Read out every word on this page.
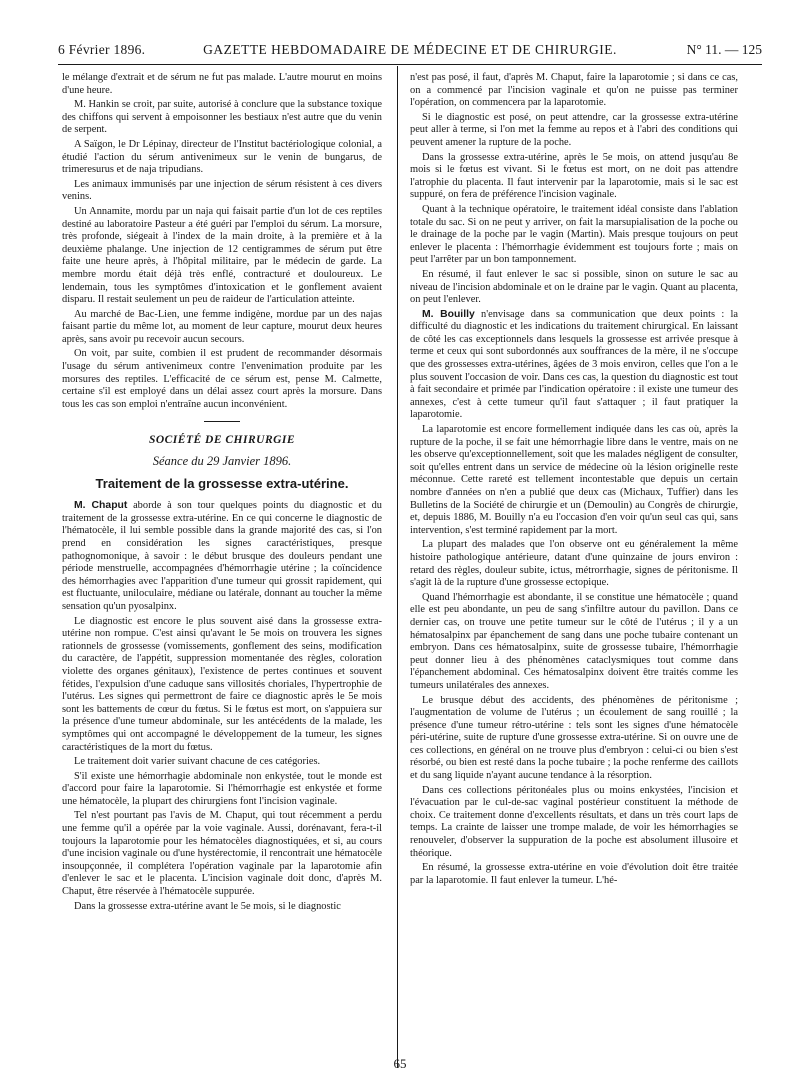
6 Février 1896.	GAZETTE HEBDOMADAIRE DE MÉDECINE ET DE CHIRURGIE.	N° 11. — 125

le mélange d'extrait et de sérum ne fut pas malade. L'autre mourut en moins d'une heure.

M. Hankin se croit, par suite, autorisé à conclure que la substance toxique des chiffons qui servent à empoisonner les bestiaux n'est autre que du venin de serpent.

A Saïgon, le Dr Lépinay, directeur de l'Institut bactériologique colonial, a étudié l'action du sérum antivenimeux sur le venin de bungarus, de trimeresurus et de naja tripudians.

Les animaux immunisés par une injection de sérum résistent à ces divers venins.

Un Annamite, mordu par un naja qui faisait partie d'un lot de ces reptiles destiné au laboratoire Pasteur a été guéri par l'emploi du sérum. La morsure, très profonde, siégeait à l'index de la main droite, à la première et à la deuxième phalange. Une injection de 12 centigrammes de sérum put être faite une heure après, à l'hôpital militaire, par le médecin de garde. La membre mordu était déjà très enflé, contracturé et douloureux. Le lendemain, tous les symptômes d'intoxication et le gonflement avaient disparu. Il restait seulement un peu de raideur de l'articulation atteinte.

Au marché de Bac-Lien, une femme indigène, mordue par un des najas faisant partie du même lot, au moment de leur capture, mourut deux heures après, sans avoir pu recevoir aucun secours.

On voit, par suite, combien il est prudent de recommander désormais l'usage du sérum antivenimeux contre l'envenimation produite par les morsures des reptiles. L'efficacité de ce sérum est, pense M. Calmette, certaine s'il est employé dans un délai assez court après la morsure. Dans tous les cas son emploi n'entraîne aucun inconvénient.

SOCIÉTÉ DE CHIRURGIE
Séance du 29 Janvier 1896.
Traitement de la grossesse extra-utérine.

M. Chaput aborde à son tour quelques points du diagnostic et du traitement de la grossesse extra-utérine. En ce qui concerne le diagnostic de l'hématocèle, il lui semble possible dans la grande majorité des cas, si l'on prend en considération les signes caractéristiques, presque pathognomonique, à savoir : le début brusque des douleurs pendant une période menstruelle, accompagnées d'hémorrhagie utérine ; la coïncidence des hémorrhagies avec l'apparition d'une tumeur qui grossit rapidement, qui est fluctuante, uniloculaire, médiane ou latérale, donnant au toucher la même sensation qu'un pyosalpinx.

Le diagnostic est encore le plus souvent aisé dans la grossesse extra-utérine non rompue. C'est ainsi qu'avant le 5e mois on trouvera les signes rationnels de grossesse (vomissements, gonflement des seins, modification du caractère, de l'appétit, suppression momentanée des règles, coloration violette des organes génitaux), l'existence de pertes continues et souvent fétides, l'expulsion d'une caduque sans villosités choriales, l'hypertrophie de l'utérus. Les signes qui permettront de faire ce diagnostic après le 5e mois sont les battements de cœur du fœtus. Si le fœtus est mort, on s'appuiera sur la présence d'une tumeur abdominale, sur les antécédents de la malade, les symptômes qui ont accompagné le développement de la tumeur, les signes caractéristiques de la mort du fœtus.

Le traitement doit varier suivant chacune de ces catégories.

S'il existe une hémorrhagie abdominale non enkystée, tout le monde est d'accord pour faire la laparotomie. Si l'hémorrhagie est enkystée et forme une hématocèle, la plupart des chirurgiens font l'incision vaginale.

Tel n'est pourtant pas l'avis de M. Chaput, qui tout récemment a perdu une femme qu'il a opérée par la voie vaginale. Aussi, dorénavant, fera-t-il toujours la laparotomie pour les hématocèles diagnostiquées, et si, au cours d'une incision vaginale ou d'une hystérectomie, il rencontrait une hématocèle insoupçonnée, il complétera l'opération vaginale par la laparotomie afin d'enlever le sac et le placenta. L'incision vaginale doit donc, d'après M. Chaput, être réservée à l'hématocèle suppurée.

Dans la grossesse extra-utérine avant le 5e mois, si le diagnostic

n'est pas posé, il faut, d'après M. Chaput, faire la laparotomie ; si dans ce cas, on a commencé par l'incision vaginale et qu'on ne puisse pas terminer l'opération, on commencera par la laparotomie.

Si le diagnostic est posé, on peut attendre, car la grossesse extra-utérine peut aller à terme, si l'on met la femme au repos et à l'abri des conditions qui peuvent amener la rupture de la poche.

Dans la grossesse extra-utérine, après le 5e mois, on attend jusqu'au 8e mois si le fœtus est vivant. Si le fœtus est mort, on ne doit pas attendre l'atrophie du placenta. Il faut intervenir par la laparotomie, mais si le sac est suppuré, on fera de préférence l'incision vaginale.

Quant à la technique opératoire, le traitement idéal consiste dans l'ablation totale du sac. Si on ne peut y arriver, on fait la marsupialisation de la poche ou le drainage de la poche par le vagin (Martin). Mais presque toujours on peut enlever le placenta : l'hémorrhagie évidemment est toujours forte ; mais on peut l'arrêter par un bon tamponnement.

En résumé, il faut enlever le sac si possible, sinon on suture le sac au niveau de l'incision abdominale et on le draine par le vagin. Quant au placenta, on peut l'enlever.

M. Bouilly n'envisage dans sa communication que deux points : la difficulté du diagnostic et les indications du traitement chirurgical. En laissant de côté les cas exceptionnels dans lesquels la grossesse est arrivée presque à terme et ceux qui sont subordonnés aux souffrances de la mère, il ne s'occupe que des grossesses extra-utérines, âgées de 3 mois environ, celles que l'on a le plus souvent l'occasion de voir. Dans ces cas, la question du diagnostic est tout à fait secondaire et primée par l'indication opératoire : il existe une tumeur des annexes, c'est à cette tumeur qu'il faut s'attaquer ; il faut pratiquer la laparotomie.

La laparotomie est encore formellement indiquée dans les cas où, après la rupture de la poche, il se fait une hémorrhagie libre dans le ventre, mais on ne les observe qu'exceptionnellement, soit que les malades négligent de consulter, soit qu'elles entrent dans un service de médecine où la lésion originelle reste méconnue. Cette rareté est tellement incontestable que depuis un certain nombre d'années on n'en a publié que deux cas (Michaux, Tuffier) dans les Bulletins de la Société de chirurgie et un (Demoulin) au Congrès de chirurgie, et, depuis 1886, M. Bouilly n'a eu l'occasion d'en voir qu'un seul cas qui, sans intervention, s'est terminé rapidement par la mort.

La plupart des malades que l'on observe ont eu généralement la même histoire pathologique antérieure, datant d'une quinzaine de jours environ : retard des règles, douleur subite, ictus, métrorrhagie, signes de péritonisme. Il s'agit là de la rupture d'une grossesse ectopique.

Quand l'hémorrhagie est abondante, il se constitue une hématocèle ; quand elle est peu abondante, un peu de sang s'infiltre autour du pavillon. Dans ce dernier cas, on trouve une petite tumeur sur le côté de l'utérus ; il y a un hématosalpinx par épanchement de sang dans une poche tubaire contenant un embryon. Dans ces hématosalpinx, suite de grossesse tubaire, l'hémorrhagie peut donner lieu à des phénomènes cataclysmiques tout comme dans l'épanchement abdominal. Ces hématosalpinx doivent être traités comme les tumeurs unilatérales des annexes.

Le brusque début des accidents, des phénomènes de péritonisme ; l'augmentation de volume de l'utérus ; un écoulement de sang rouillé ; la présence d'une tumeur rétro-utérine : tels sont les signes d'une hématocèle péri-utérine, suite de rupture d'une grossesse extra-utérine. Si on ouvre une de ces collections, en général on ne trouve plus d'embryon : celui-ci ou bien s'est résorbé, ou bien est resté dans la poche tubaire ; la poche renferme des caillots et du sang liquide n'ayant aucune tendance à la résorption.

Dans ces collections péritonéales plus ou moins enkystées, l'incision et l'évacuation par le cul-de-sac vaginal postérieur constituent la méthode de choix. Ce traitement donne d'excellents résultats, et dans un très court laps de temps. La crainte de laisser une trompe malade, de voir les hémorrhagies se renouveler, d'observer la suppuration de la poche est absolument illusoire et théorique.

En résumé, la grossesse extra-utérine en voie d'évolution doit être traitée par la laparotomie. Il faut enlever la tumeur. L'hé-

65
